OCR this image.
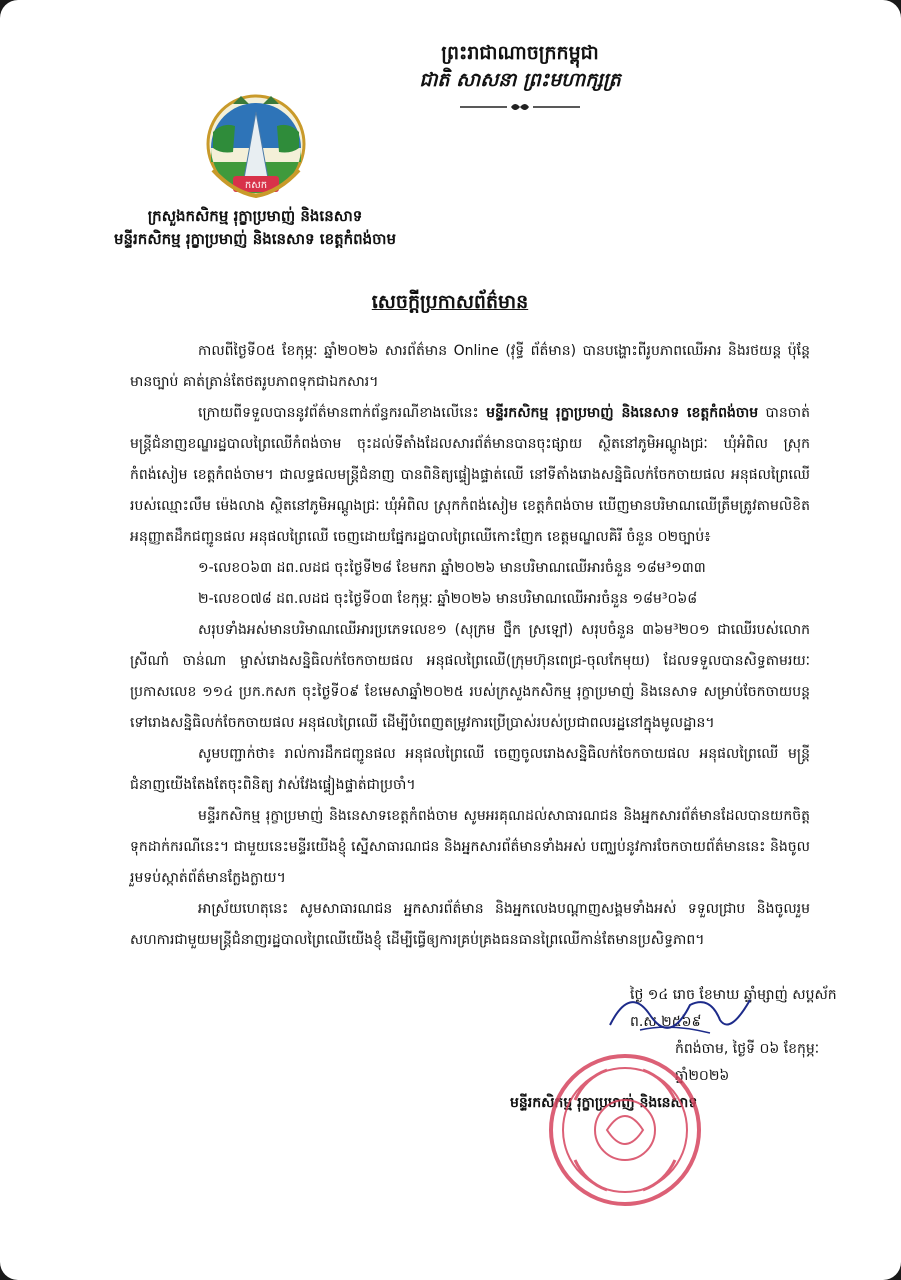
ព្រះរាជាណាចក្រកម្ពុជា
ជាតិ សាសនា ព្រះមហាក្សត្រ
កសក
ក្រសួងកសិកម្ម រុក្ខាប្រមាញ់ និងនេសាទ
មន្ទីរកសិកម្ម រុក្ខាប្រមាញ់ និងនេសាទ ខេត្តកំពង់ចាម
សេចក្តីប្រកាសព័ត៌មាន

កាលពីថ្ងៃទី០៥ ខែកុម្ភៈ ឆ្នាំ២០២៦ សារព័ត៌មាន Online (វុទ្ធី ព័ត៌មាន) បានបង្ហោះពីរូបភាពឈើអារ និងរថយន្ត ប៉ុន្តែមានច្បាប់ គាត់ត្រាន់តែថតរូបភាពទុកជាឯកសារ។

ក្រោយពីទទួលបាននូវព័ត៌មានពាក់ព័ន្ធករណីខាងលើនេះ មន្ទីរកសិកម្ម រុក្ខាប្រមាញ់ និងនេសាទ ខេត្តកំពង់ចាម បានចាត់មន្ត្រីជំនាញខណ្ឌរដ្ឋបាលព្រៃឈើកំពង់ចាម ចុះដល់ទីតាំងដែលសារព័ត៌មានបានចុះផ្សាយ ស្ថិតនៅភូមិអណ្តូងជ្រៈ ឃុំអំពិល ស្រុកកំពង់សៀម ខេត្តកំពង់ចាម។ ជាលទ្ធផលមន្ត្រីជំនាញ បានពិនិត្យផ្ទៀងផ្ទាត់ឈើ នៅទីតាំងរោងសន្និធិលក់ចែកចាយផល អនុផលព្រៃឈើរបស់ឈ្មោះលឹម ម៉េងលាង ស្ថិតនៅភូមិអណ្តូងជ្រៈ ឃុំអំពិល ស្រុកកំពង់សៀម ខេត្តកំពង់ចាម ឃើញមានបរិមាណឈើត្រឹមត្រូវតាមលិខិតអនុញ្ញាតដឹកជញ្ជូនផល អនុផលព្រៃឈើ ចេញដោយផ្នែករដ្ឋបាលព្រៃឈើកោះញែក ខេត្តមណ្ឌលគិរី ចំនួន ០២ច្បាប់៖

១-លេខ០៦៣ ដព.លដជ ចុះថ្ងៃទី២៨ ខែមករា ឆ្នាំ២០២៦ មានបរិមាណឈើអារចំនួន ១៨ម³១៣៣

២-លេខ០៧៨ ដព.លដជ ចុះថ្ងៃទី០៣ ខែកុម្ភៈ ឆ្នាំ២០២៦ មានបរិមាណឈើអារចំនួន ១៨ម³០៦៨

សរុបទាំងអស់មានបរិមាណឈើអារប្រភេទលេខ១ (សុក្រម ថ្នឹក ស្រឡៅ) សរុបចំនួន ៣៦ម³២០១ ជាឈើរបស់លោកស្រីណាំ ចាន់ណា ម្ចាស់រោងសន្និធិលក់ចែកចាយផល អនុផលព្រៃឈើ(ក្រុមហ៊ុនពេជ្រ-ចុលកែមុយ) ដែលទទួលបានសិទ្ធតាមរយៈប្រកាសលេខ ១១៤ ប្រក.កសក ចុះថ្ងៃទី០៩ ខែមេសាឆ្នាំ២០២៥ របស់ក្រសួងកសិកម្ម រុក្ខាប្រមាញ់ និងនេសាទ សម្រាប់ចែកចាយបន្តទៅរោងសន្និធិលក់ចែកចាយផល អនុផលព្រៃឈើ ដើម្បីបំពេញតម្រូវការប្រើប្រាស់របស់ប្រជាពលរដ្ឋនៅក្នុងមូលដ្ឋាន។

សូមបញ្ជាក់ថា៖ រាល់ការដឹកជញ្ជូនផល អនុផលព្រៃឈើ ចេញចូលរោងសន្និធិលក់ចែកចាយផល អនុផលព្រៃឈើ មន្ត្រីជំនាញយើងតែងតែចុះពិនិត្យ វាស់វែងផ្ទៀងផ្ទាត់ជាប្រចាំ។

មន្ទីរកសិកម្ម រុក្ខាប្រមាញ់ និងនេសាទខេត្តកំពង់ចាម សូមអរគុណដល់សាធារណជន និងអ្នកសារព័ត៌មានដែលបានយកចិត្តទុកដាក់ករណីនេះ។ ជាមួយនេះមន្ទីរយើងខ្ញុំ ស្នើសាធារណជន និងអ្នកសារព័ត៌មានទាំងអស់ បញ្ឈប់នូវការចែកចាយព័ត៌មាននេះ និងចូលរួមទប់ស្កាត់ព័ត៌មានក្លែងក្លាយ។

អាស្រ័យហេតុនេះ សូមសាធារណជន អ្នកសារព័ត៌មាន និងអ្នកលេងបណ្តាញសង្គមទាំងអស់ ទទួលជ្រាប និងចូលរួមសហការជាមួយមន្ត្រីជំនាញរដ្ឋបាលព្រៃឈើយើងខ្ញុំ ដើម្បីធ្វើឲ្យការគ្រប់គ្រងធនធានព្រៃឈើកាន់តែមានប្រសិទ្ធភាព។

ថ្ងៃ ១៤ រោច ខែមាឃ ឆ្នាំម្សាញ់ សប្តស័ក ព.ស.២៥៦៩
កំពង់ចាម, ថ្ងៃទី ០៦ ខែកុម្ភៈ ឆ្នាំ២០២៦
មន្ទីរកសិកម្ម រុក្ខាប្រមាញ់ និងនេសាទ
